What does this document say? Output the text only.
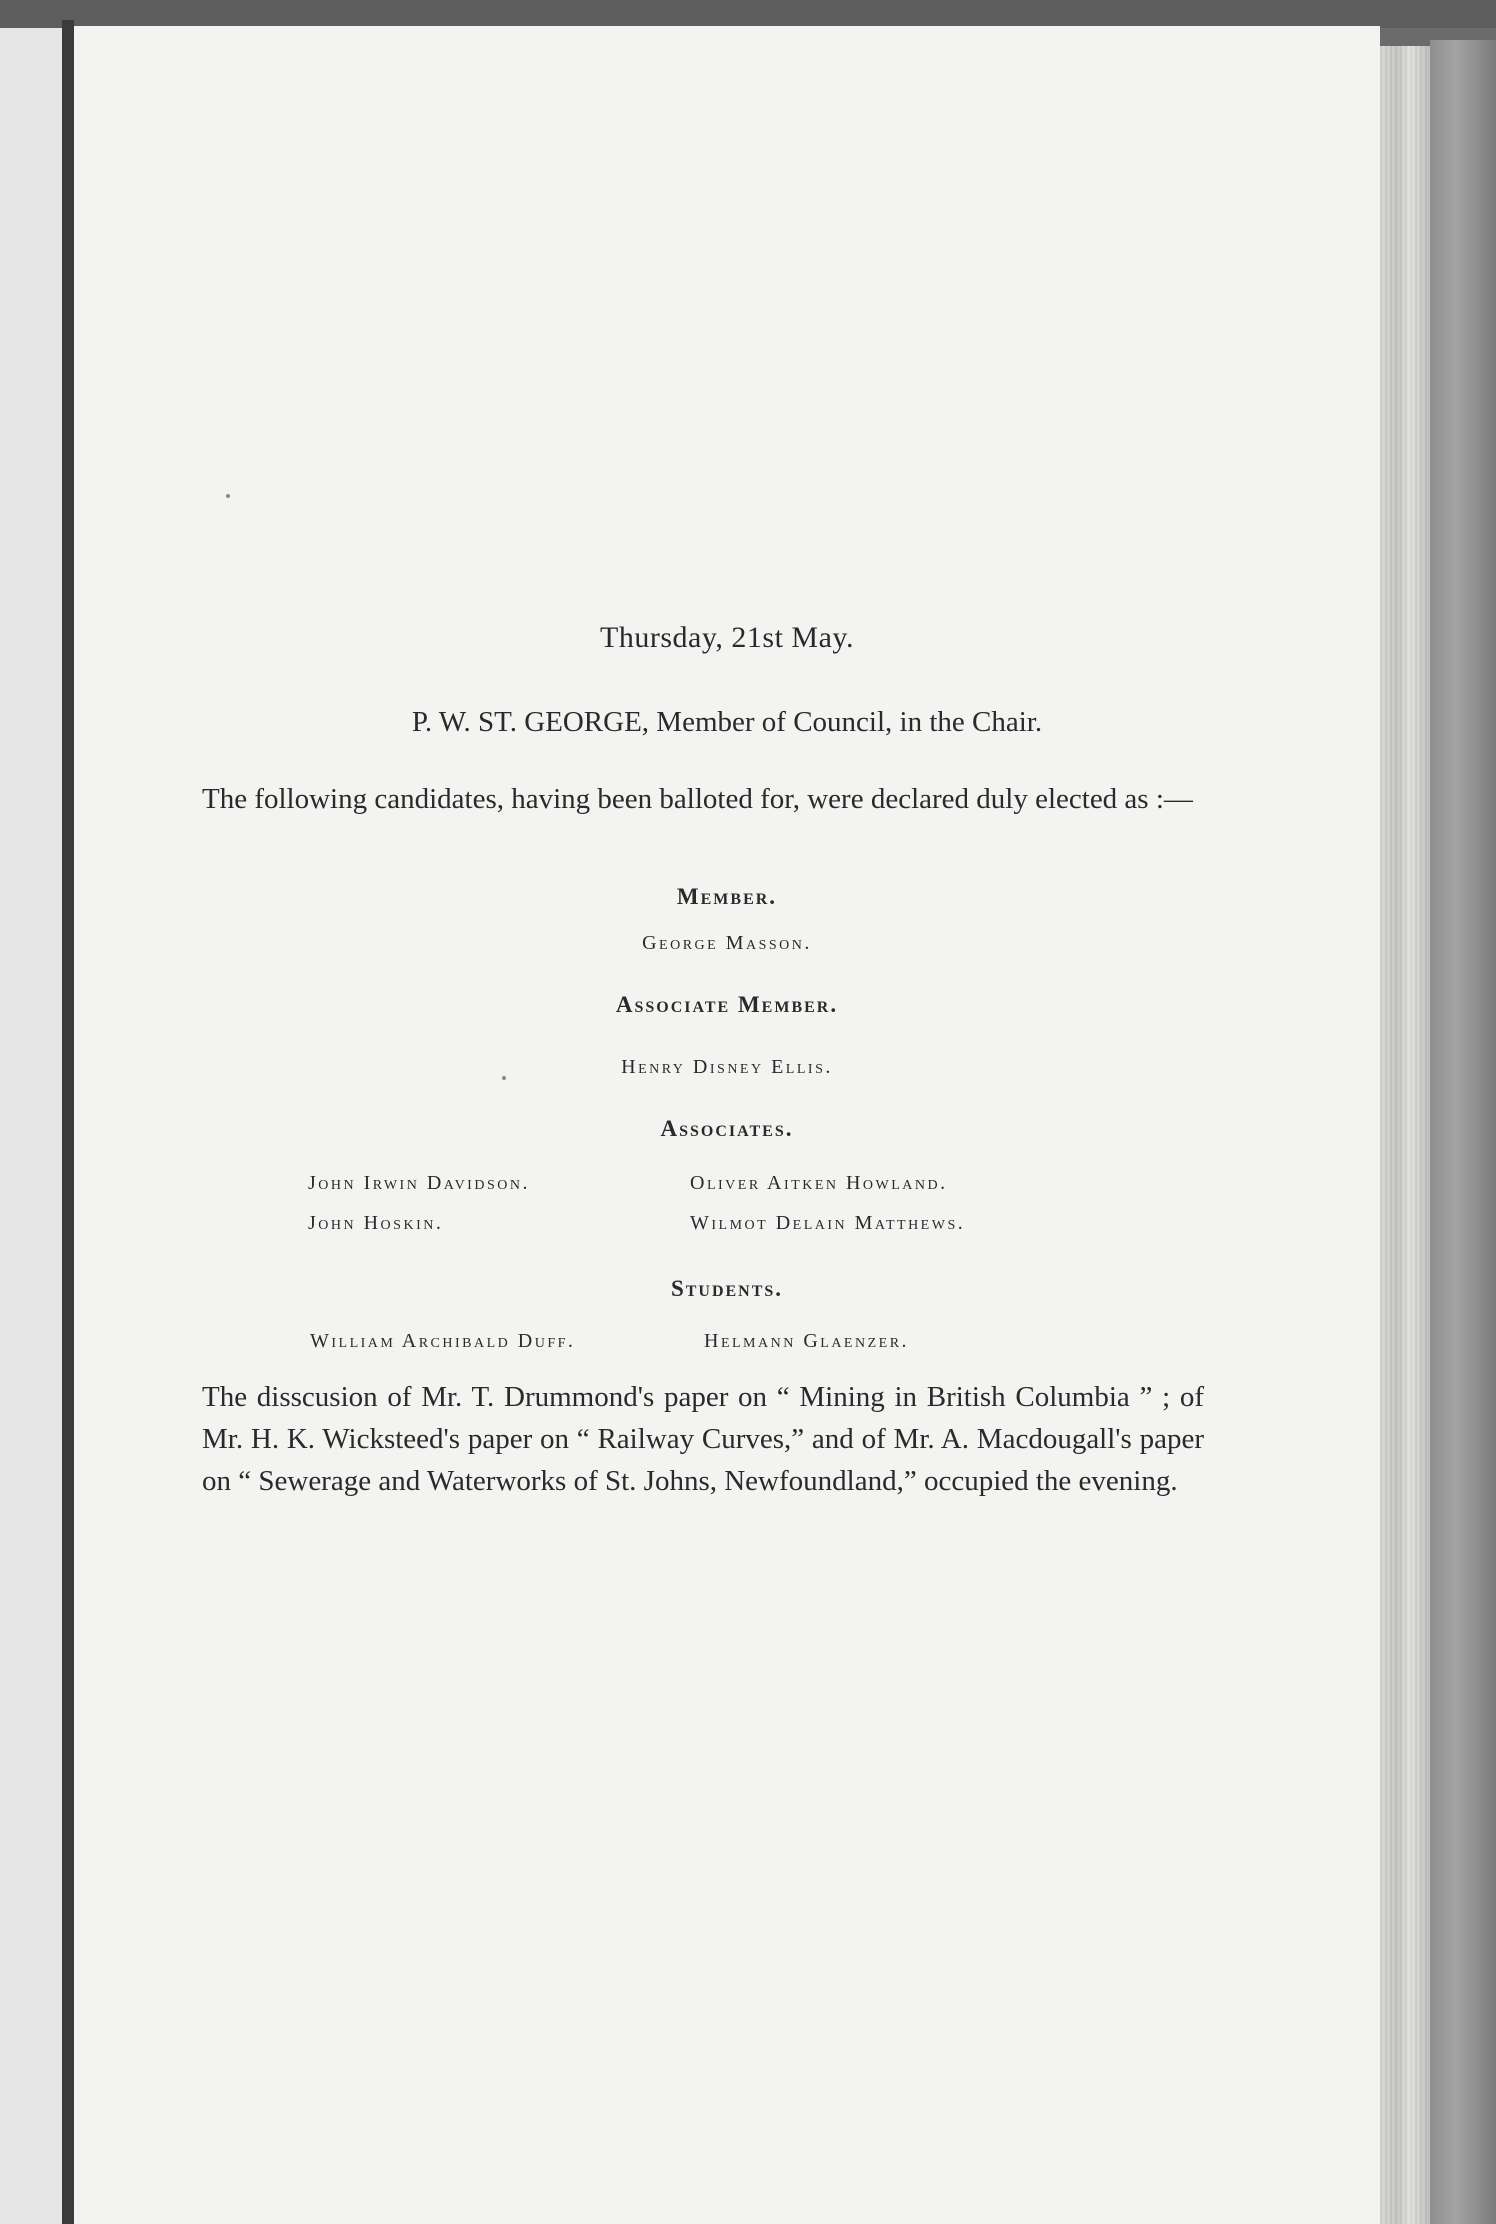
Thursday, 21st May.
P. W. ST. GEORGE, Member of Council, in the Chair.
The following candidates, having been balloted for, were declared duly elected as :—
Member.
George Masson.
Associate Member.
Henry Disney Ellis.
Associates.
John Irwin Davidson.	Oliver Aitken Howland.
John Hoskin.	Wilmot Delain Matthews.
Students.
William Archibald Duff.	Helmann Glaenzer.
The disscusion of Mr. T. Drummond's paper on “ Mining in British Columbia ” ; of Mr. H. K. Wicksteed's paper on “ Railway Curves,” and of Mr. A. Macdougall's paper on “ Sewerage and Waterworks of St. Johns, Newfoundland,” occupied the evening.
